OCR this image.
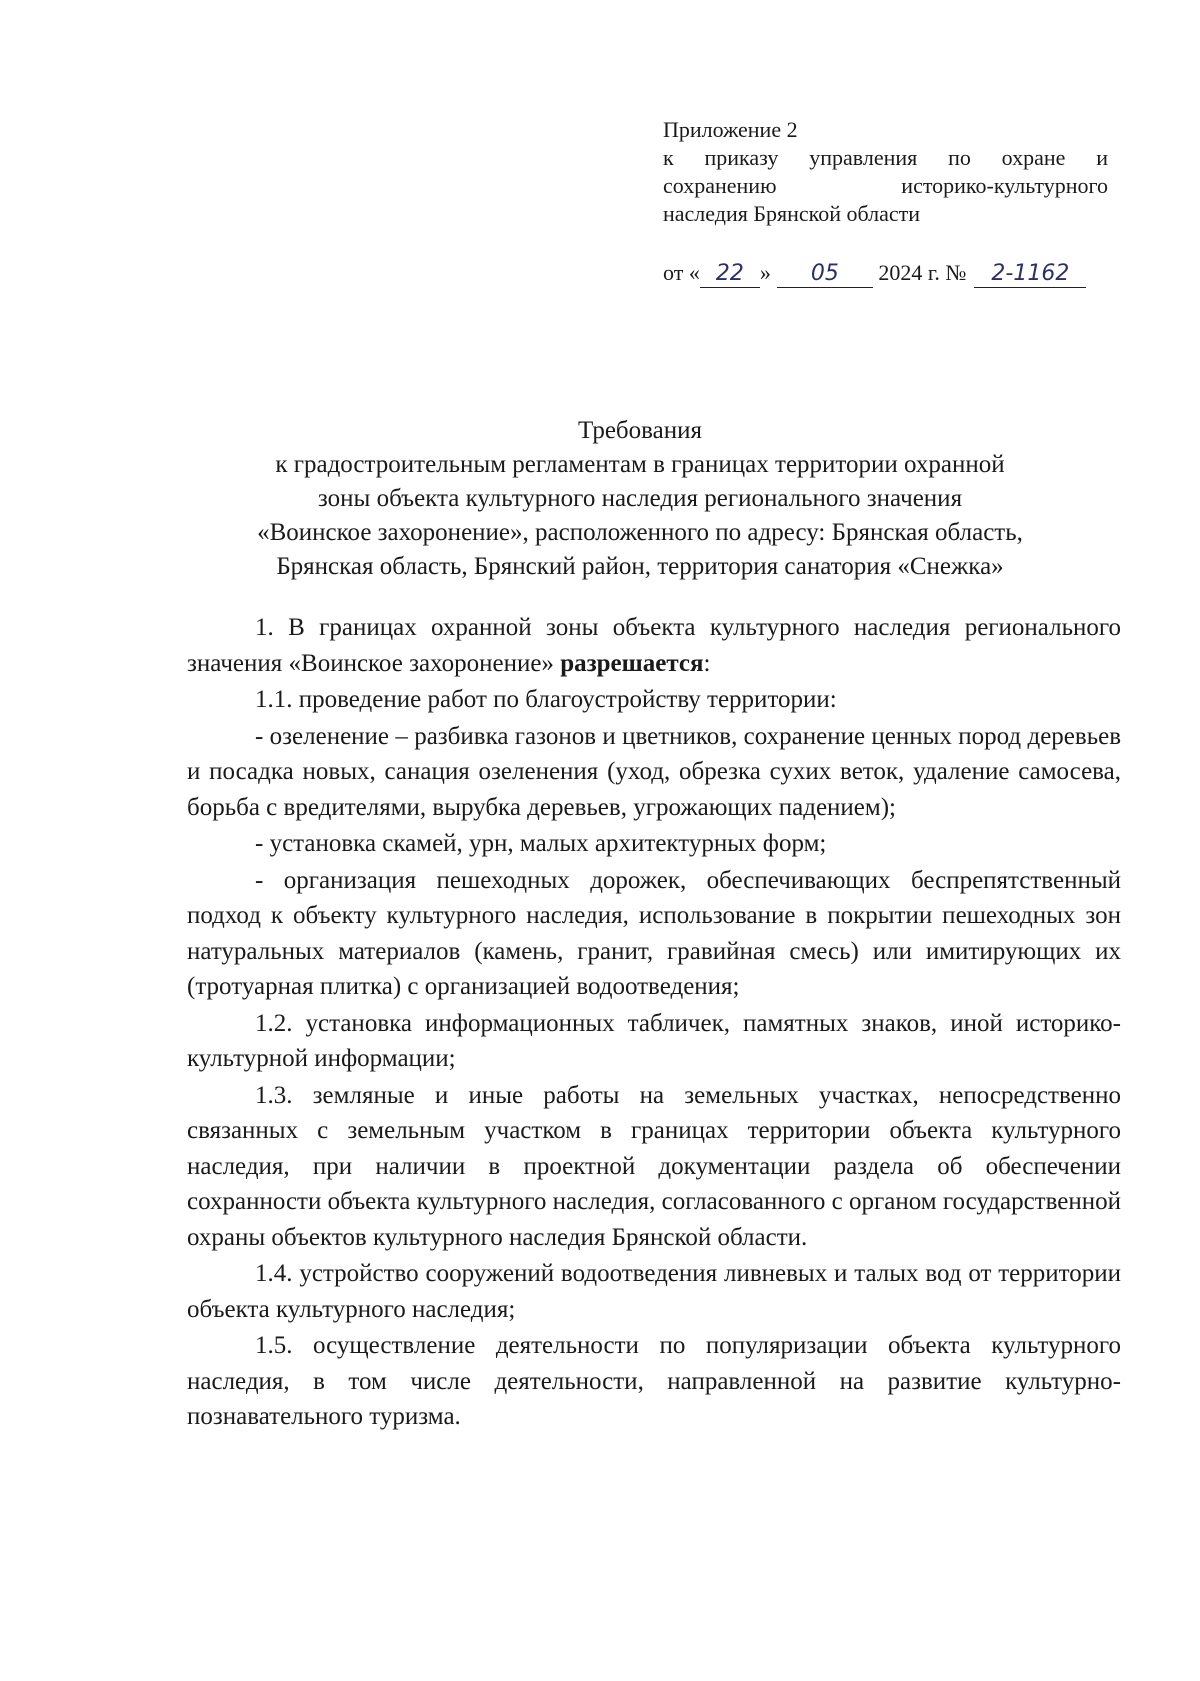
Приложение 2
к приказу управления по охране и
сохранению историко-культурного
наследия Брянской области
от « 22 » 05 2024 г. № 2-1162
Требования
к градостроительным регламентам в границах территории охранной
зоны объекта культурного наследия регионального значения
«Воинское захоронение», расположенного по адресу: Брянская область,
Брянская область, Брянский район, территория санатория «Снежка»

1. В границах охранной зоны объекта культурного наследия регионального значения «Воинское захоронение» разрешается:

1.1. проведение работ по благоустройству территории:

- озеленение – разбивка газонов и цветников, сохранение ценных пород деревьев и посадка новых, санация озеленения (уход, обрезка сухих веток, удаление самосева, борьба с вредителями, вырубка деревьев, угрожающих падением);

- установка скамей, урн, малых архитектурных форм;

- организация пешеходных дорожек, обеспечивающих беспрепятственный подход к объекту культурного наследия, использование в покрытии пешеходных зон натуральных материалов (камень, гранит, гравийная смесь) или имитирующих их (тротуарная плитка) с организацией водоотведения;

1.2. установка информационных табличек, памятных знаков, иной историко-культурной информации;

1.3. земляные и иные работы на земельных участках, непосредственно связанных с земельным участком в границах территории объекта культурного наследия, при наличии в проектной документации раздела об обеспечении сохранности объекта культурного наследия, согласованного с органом государственной охраны объектов культурного наследия Брянской области.

1.4. устройство сооружений водоотведения ливневых и талых вод от территории объекта культурного наследия;

1.5. осуществление деятельности по популяризации объекта культурного наследия, в том числе деятельности, направленной на развитие культурно-познавательного туризма.
